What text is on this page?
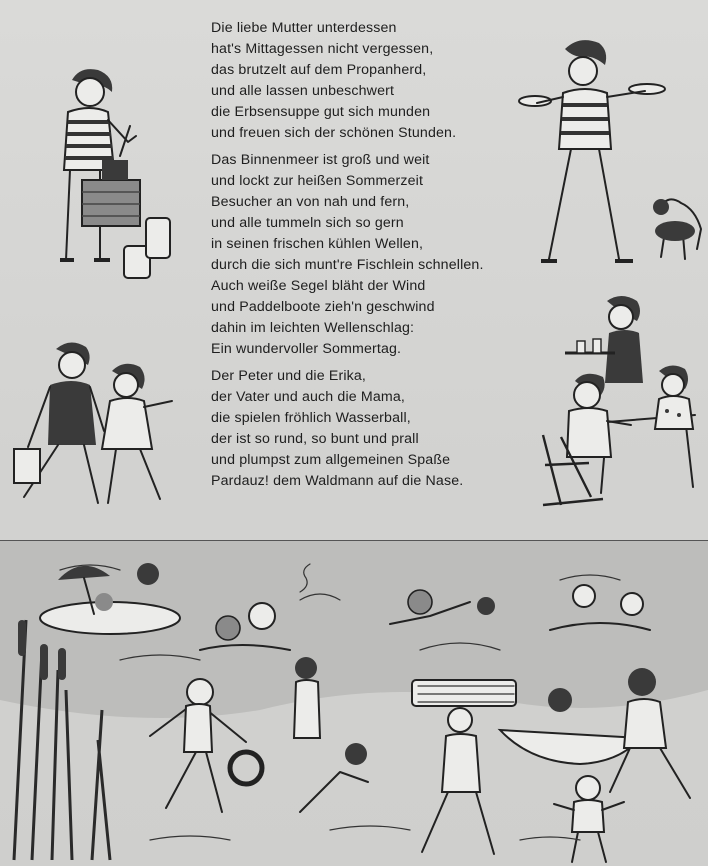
Die liebe Mutter unterdessen
hat's Mittagessen nicht vergessen,
das brutzelt auf dem Propanherd,
und alle lassen unbeschwert
die Erbsensuppe gut sich munden
und freuen sich der schönen Stunden.
Das Binnenmeer ist groß und weit
und lockt zur heißen Sommerzeit
Besucher an von nah und fern,
und alle tummeln sich so gern
in seinen frischen kühlen Wellen,
durch die sich munt're Fischlein schnellen.
Auch weiße Segel bläht der Wind
und Paddelboote zieh'n geschwind
dahin im leichten Wellenschlag:
Ein wundervoller Sommertag.
Der Peter und die Erika,
der Vater und auch die Mama,
die spielen fröhlich Wasserball,
der ist so rund, so bunt und prall
und plumpst zum allgemeinen Spaße
Pardauz! dem Waldmann auf die Nase.
